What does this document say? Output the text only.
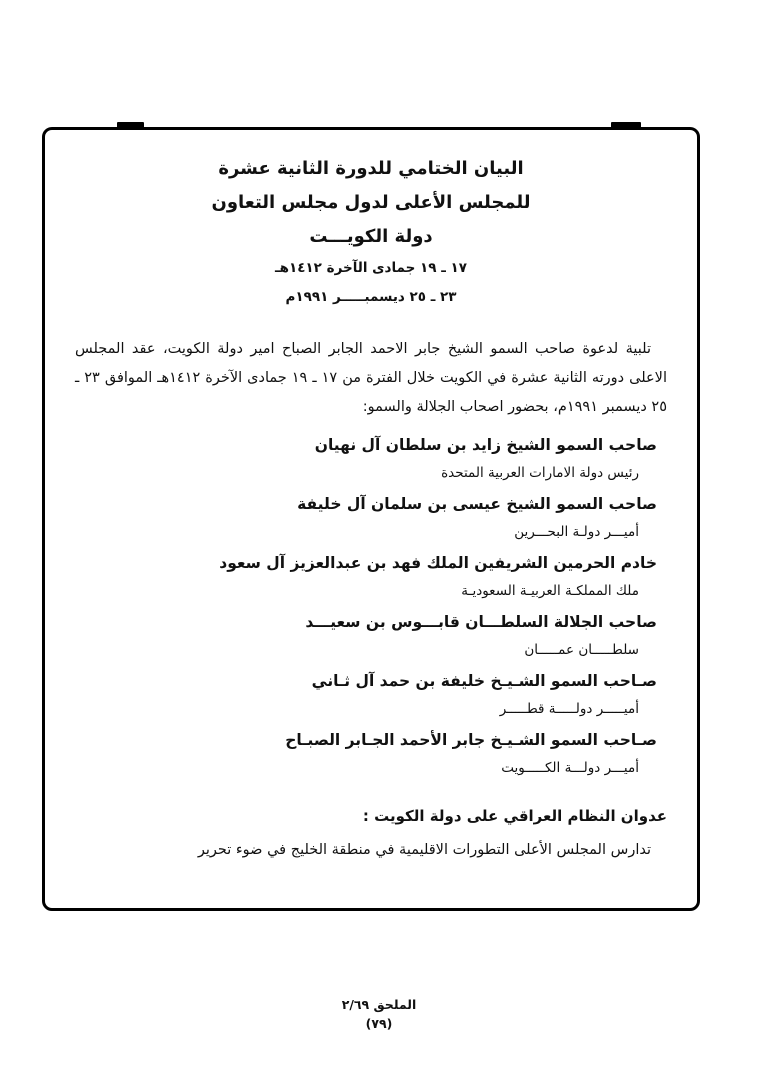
البيان الختامي للدورة الثانية عشرة
للمجلس الأعلى لدول مجلس التعاون
دولة الكويـــت
١٧ ـ ١٩ جمادى الآخرة ١٤١٢هـ
٢٣ ـ ٢٥ ديسمبـــــر ١٩٩١م

تلبية لدعوة صاحب السمو الشيخ جابر الاحمد الجابر الصباح امير دولة الكويت، عقد المجلس الاعلى دورته الثانية عشرة في الكويت خلال الفترة من ١٧ ـ ١٩ جمادى الآخرة ١٤١٢هـ الموافق ٢٣ ـ ٢٥ ديسمبر ١٩٩١م، بحضور اصحاب الجلالة والسمو:

صاحب السمو الشيخ زايد بن سلطان آل نهيان
رئيس دولة الامارات العربية المتحدة
صاحب السمو الشيخ عيسى بن سلمان آل خليفة
أميـــر دولـة البحـــرين
خادم الحرمين الشريفين الملك فهد بن عبدالعزيز آل سعود
ملك المملكـة العربيـة السعوديـة
صاحب الجلالة السلطـــان قابـــوس بن سعيـــد
سلطـــــان عمـــــان
صـاحب السمو الشـيـخ خليفة بن حمد آل ثـاني
أميـــــر دولـــــة قطـــــر
صـاحب السمو الشـيـخ جابر الأحمد الجـابر الصبـاح
أميـــر دولـــة الكـــــويت
عدوان النظام العراقي على دولة الكويت :

تدارس المجلس الأعلى التطورات الاقليمية في منطقة الخليج في ضوء تحرير

الملحق ٢/٦٩
(٧٩)
